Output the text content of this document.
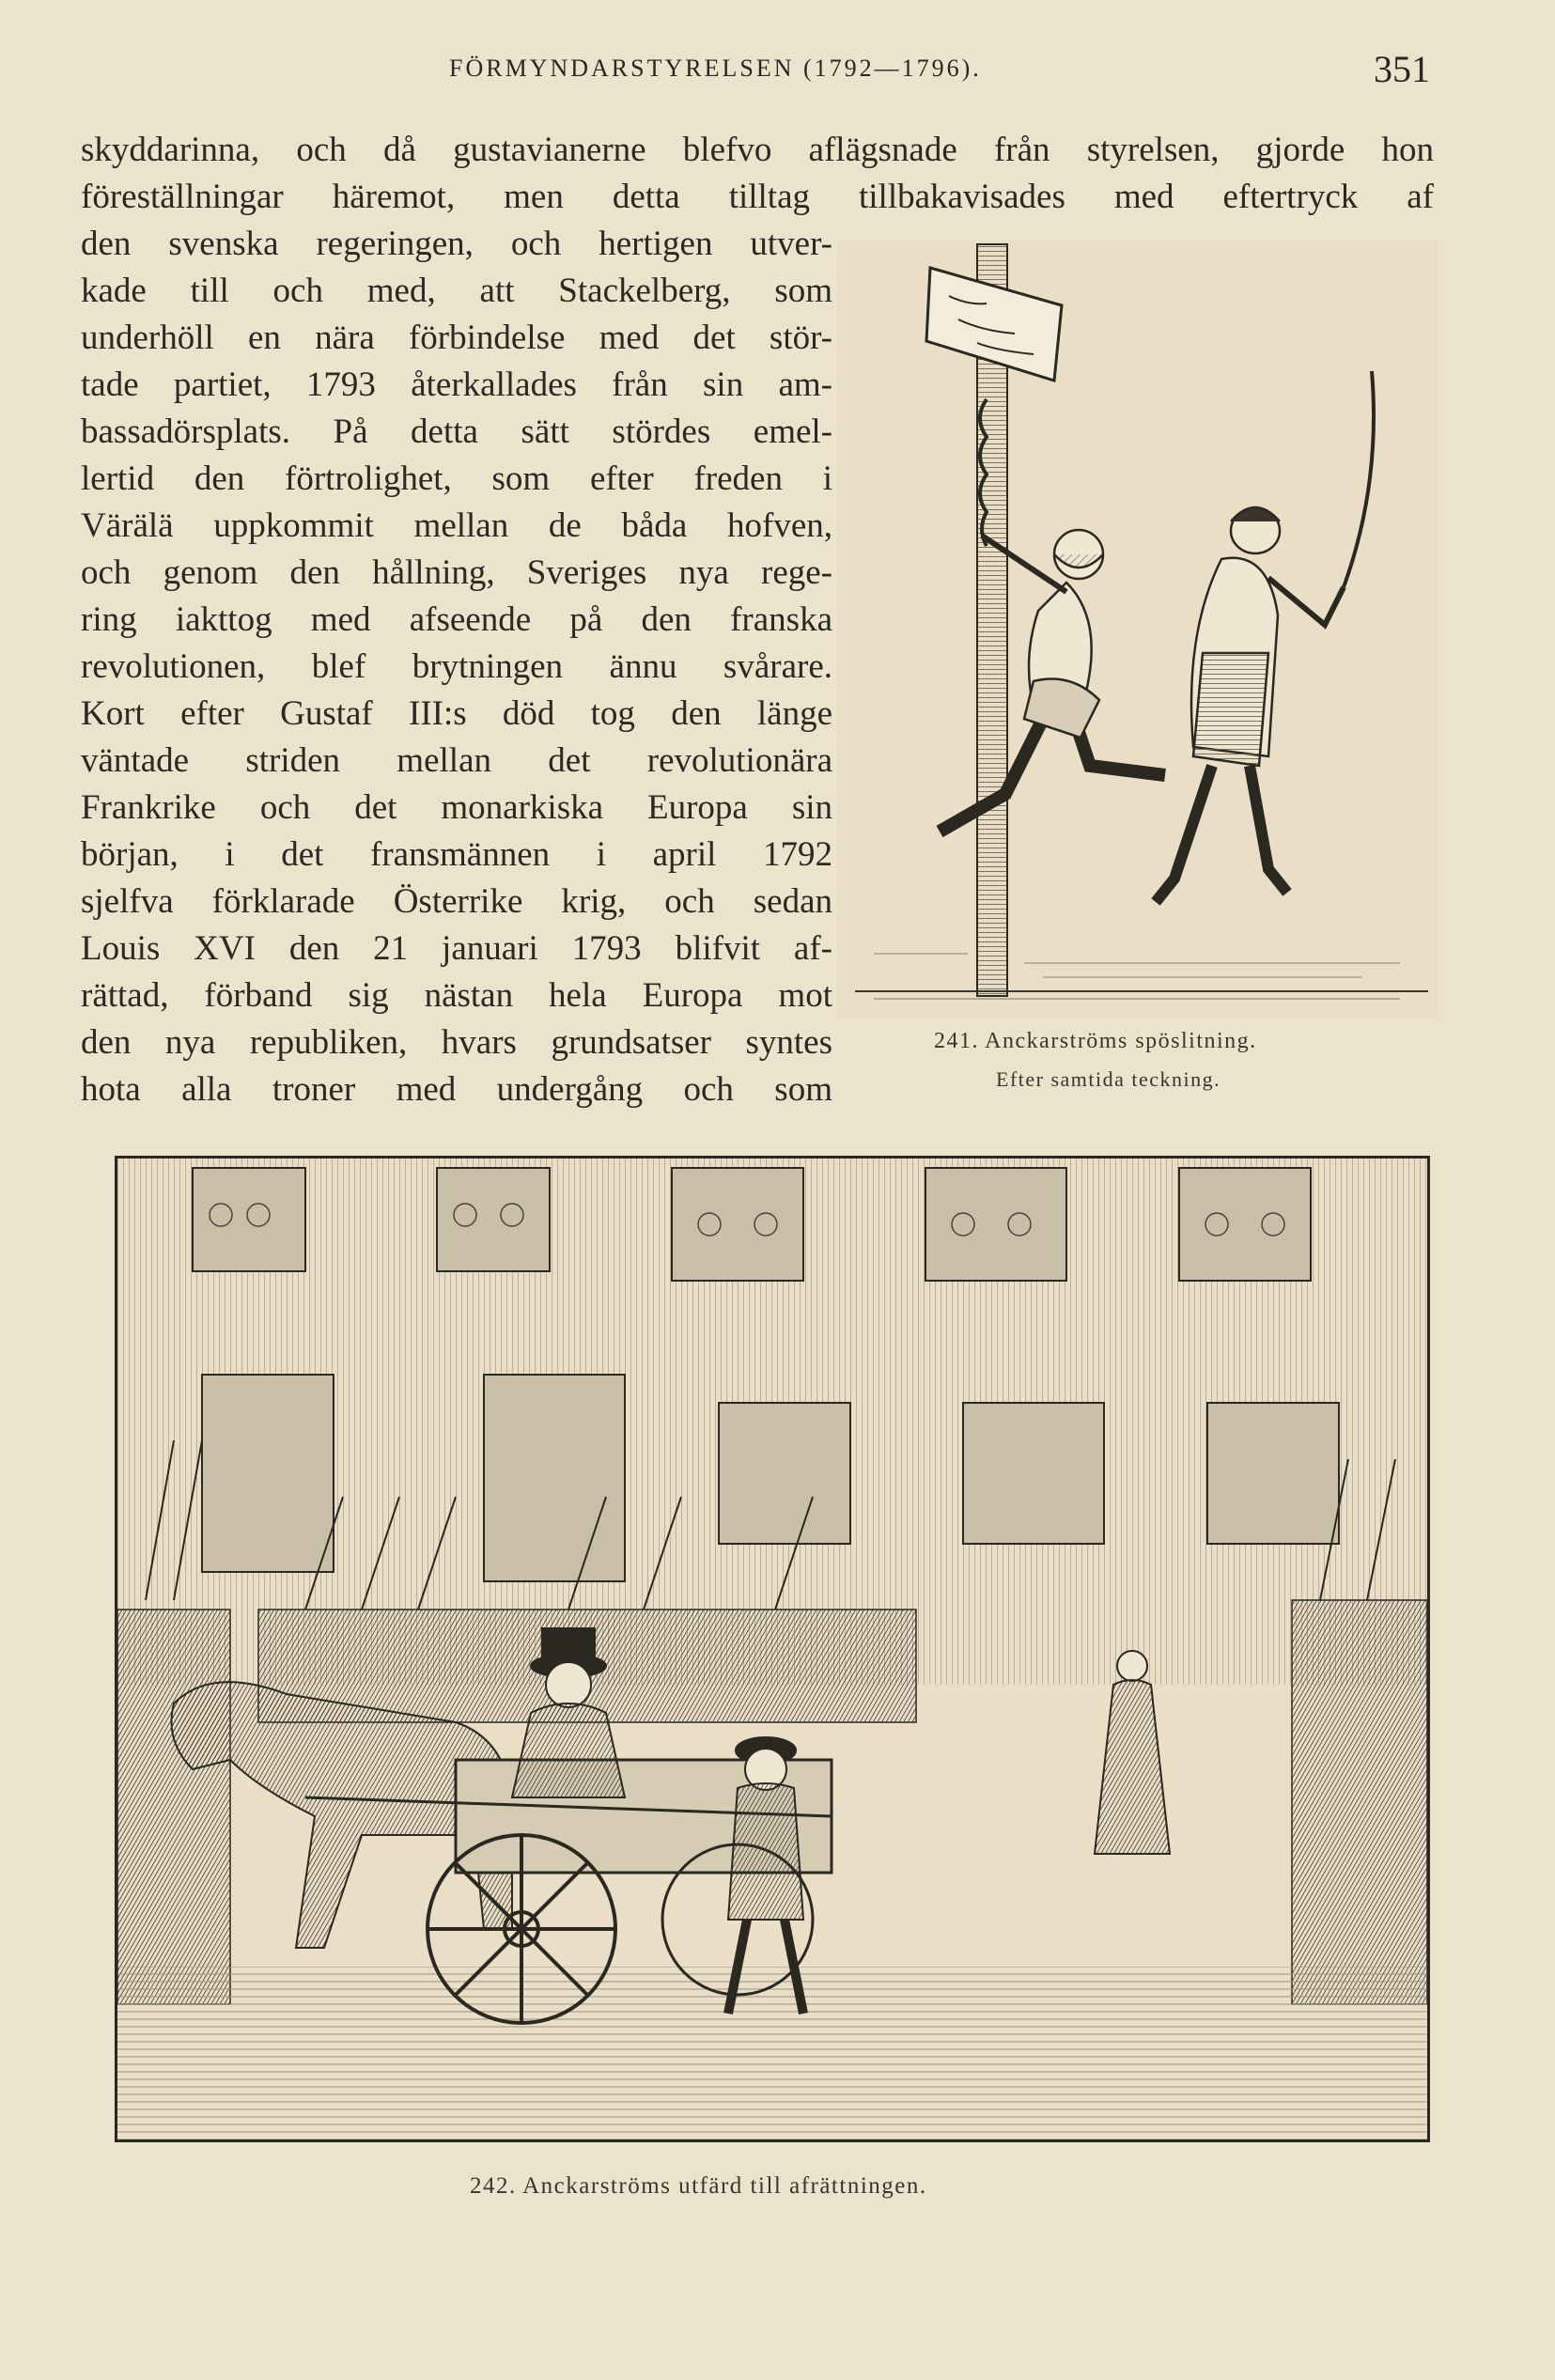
FÖRMYNDARSTYRELSEN (1792—1796).	351
skyddarinna, och då gustavianerne blefvo aflägsnade från styrelsen, gjorde hon
föreställningar häremot, men detta tilltag tillbakavisades med eftertryck af
den svenska regeringen, och hertigen utver-
kade till och med, att Stackelberg, som
underhöll en nära förbindelse med det stör-
tade partiet, 1793 återkallades från sin am-
bassadörsplats. På detta sätt stördes emel-
lertid den förtrolighet, som efter freden i
Värälä uppkommit mellan de båda hofven,
och genom den hållning, Sveriges nya rege-
ring iakttog med afseende på den franska
revolutionen, blef brytningen ännu svårare.
Kort efter Gustaf III:s död tog den länge
väntade striden mellan det revolutionära
Frankrike och det monarkiska Europa sin
början, i det fransmännen i april 1792
sjelfva förklarade Österrike krig, och sedan
Louis XVI den 21 januari 1793 blifvit af-
rättad, förband sig nästan hela Europa mot
den nya republiken, hvars grundsatser syntes
hota alla troner med undergång och som
241. Anckarströms spöslitning.
Efter samtida teckning.
242. Anckarströms utfärd till afrättningen.
